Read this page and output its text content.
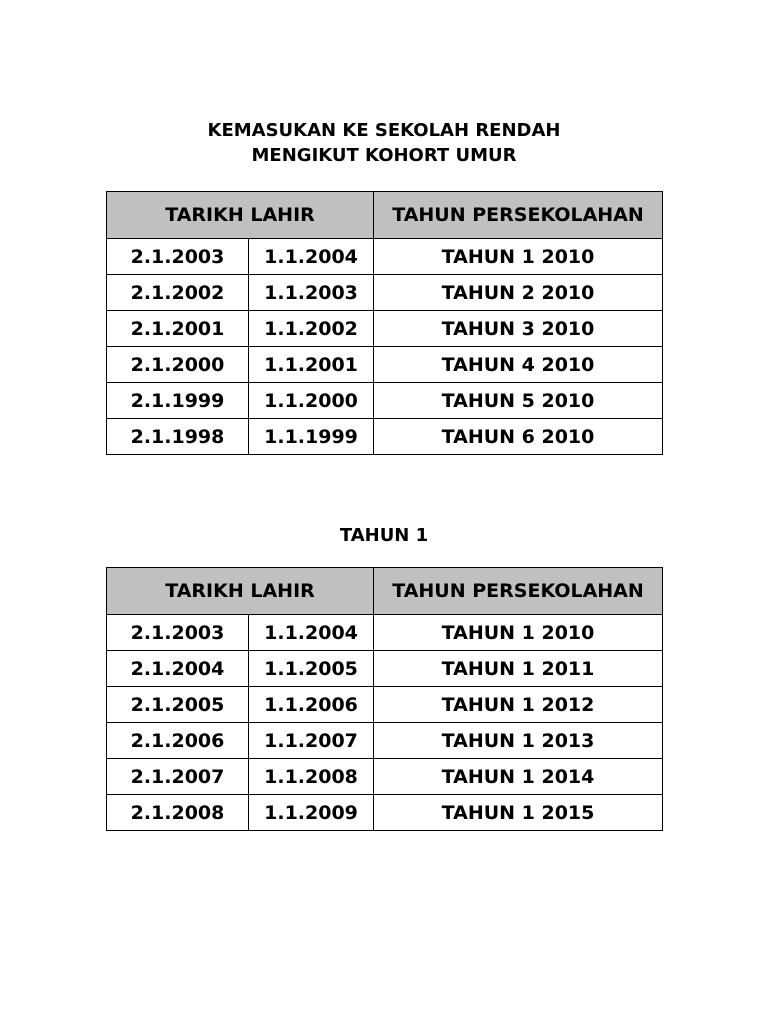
KEMASUKAN KE SEKOLAH RENDAH
MENGIKUT KOHORT UMUR
TARIKH LAHIR		TAHUN PERSEKOLAHAN
2.1.2003	1.1.2004	TAHUN 1 2010
2.1.2002	1.1.2003	TAHUN 2 2010
2.1.2001	1.1.2002	TAHUN 3 2010
2.1.2000	1.1.2001	TAHUN 4 2010
2.1.1999	1.1.2000	TAHUN 5 2010
2.1.1998	1.1.1999	TAHUN 6 2010
TAHUN 1
TARIKH LAHIR		TAHUN PERSEKOLAHAN
2.1.2003	1.1.2004	TAHUN 1 2010
2.1.2004	1.1.2005	TAHUN 1 2011
2.1.2005	1.1.2006	TAHUN 1 2012
2.1.2006	1.1.2007	TAHUN 1 2013
2.1.2007	1.1.2008	TAHUN 1 2014
2.1.2008	1.1.2009	TAHUN 1 2015
